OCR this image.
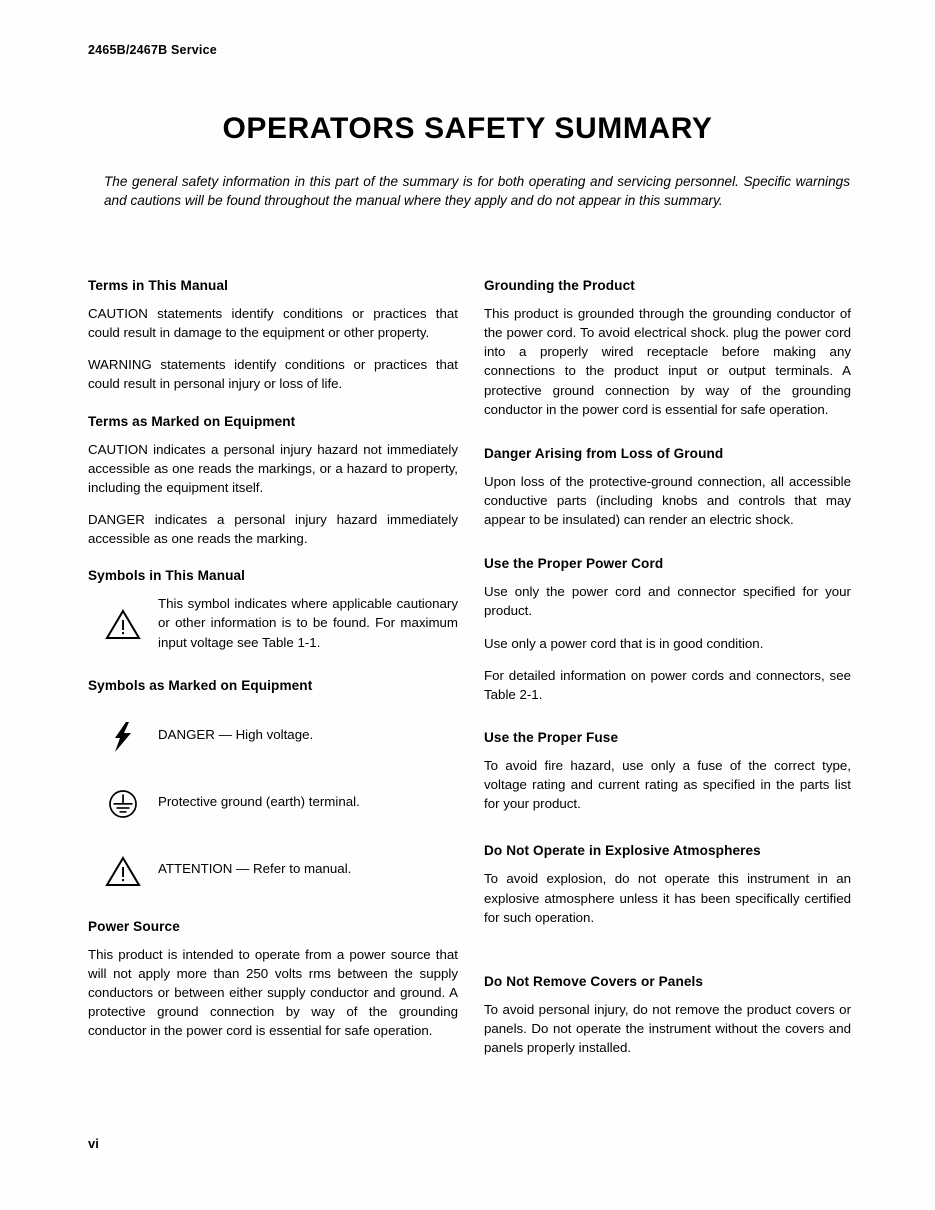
2465B/2467B Service
OPERATORS SAFETY SUMMARY

The general safety information in this part of the summary is for both operating and servicing personnel. Specific warnings and cautions will be found throughout the manual where they apply and do not appear in this summary.

Terms in This Manual

CAUTION statements identify conditions or practices that could result in damage to the equipment or other property.

WARNING statements identify conditions or practices that could result in personal injury or loss of life.

Terms as Marked on Equipment

CAUTION indicates a personal injury hazard not immediately accessible as one reads the markings, or a hazard to property, including the equipment itself.

DANGER indicates a personal injury hazard immediately accessible as one reads the marking.

Symbols in This Manual
This symbol indicates where applicable cautionary or other information is to be found. For maximum input voltage see Table 1-1.
Symbols as Marked on Equipment
DANGER — High voltage.
Protective ground (earth) terminal.
ATTENTION — Refer to manual.
Power Source

This product is intended to operate from a power source that will not apply more than 250 volts rms between the supply conductors or between either supply conductor and ground. A protective ground connection by way of the grounding conductor in the power cord is essential for safe operation.

Grounding the Product

This product is grounded through the grounding conductor of the power cord. To avoid electrical shock. plug the power cord into a properly wired receptacle before making any connections to the product input or output terminals. A protective ground connection by way of the grounding conductor in the power cord is essential for safe operation.

Danger Arising from Loss of Ground

Upon loss of the protective-ground connection, all accessible conductive parts (including knobs and controls that may appear to be insulated) can render an electric shock.

Use the Proper Power Cord

Use only the power cord and connector specified for your product.

Use only a power cord that is in good condition.

For detailed information on power cords and connectors, see Table 2-1.

Use the Proper Fuse

To avoid fire hazard, use only a fuse of the correct type, voltage rating and current rating as specified in the parts list for your product.

Do Not Operate in Explosive Atmospheres

To avoid explosion, do not operate this instrument in an explosive atmosphere unless it has been specifically certified for such operation.

Do Not Remove Covers or Panels

To avoid personal injury, do not remove the product covers or panels. Do not operate the instrument without the covers and panels properly installed.

vi
